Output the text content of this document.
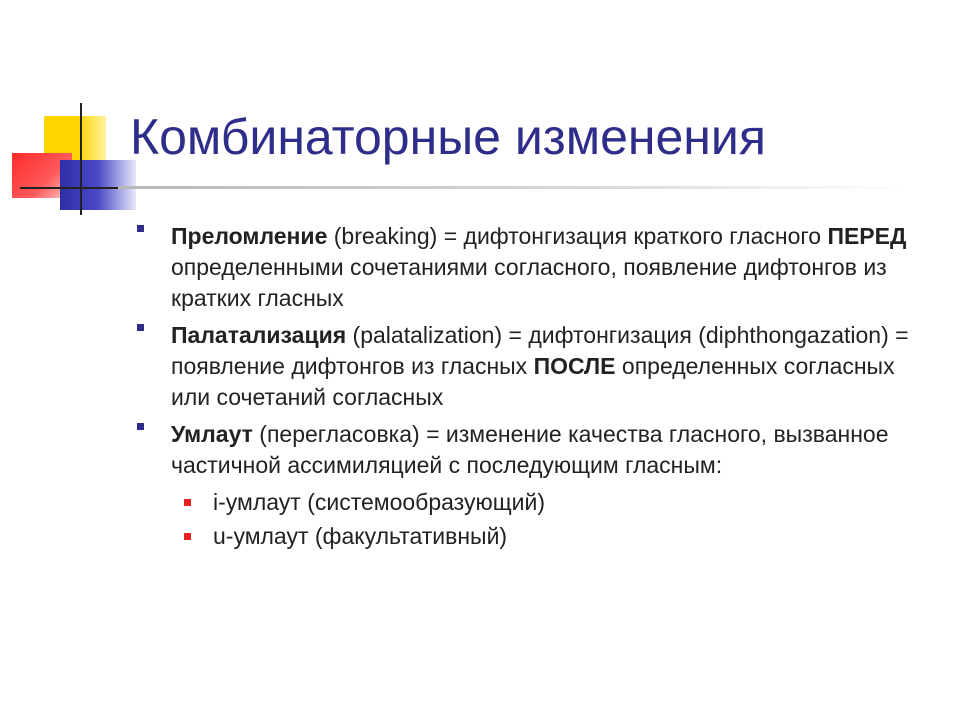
Комбинаторные изменения
Преломление (breaking) = дифтонгизация краткого гласного ПЕРЕД определенными сочетаниями согласного, появление дифтонгов из кратких гласных
Палатализация (palatalization) = дифтонгизация (diphthongazation) = появление дифтонгов из гласных ПОСЛЕ определенных согласных или сочетаний согласных
Умлаут (перегласовка) = изменение качества гласного, вызванное частичной ассимиляцией с последующим гласным:
i-умлаут (системообразующий)
u-умлаут (факультативный)
